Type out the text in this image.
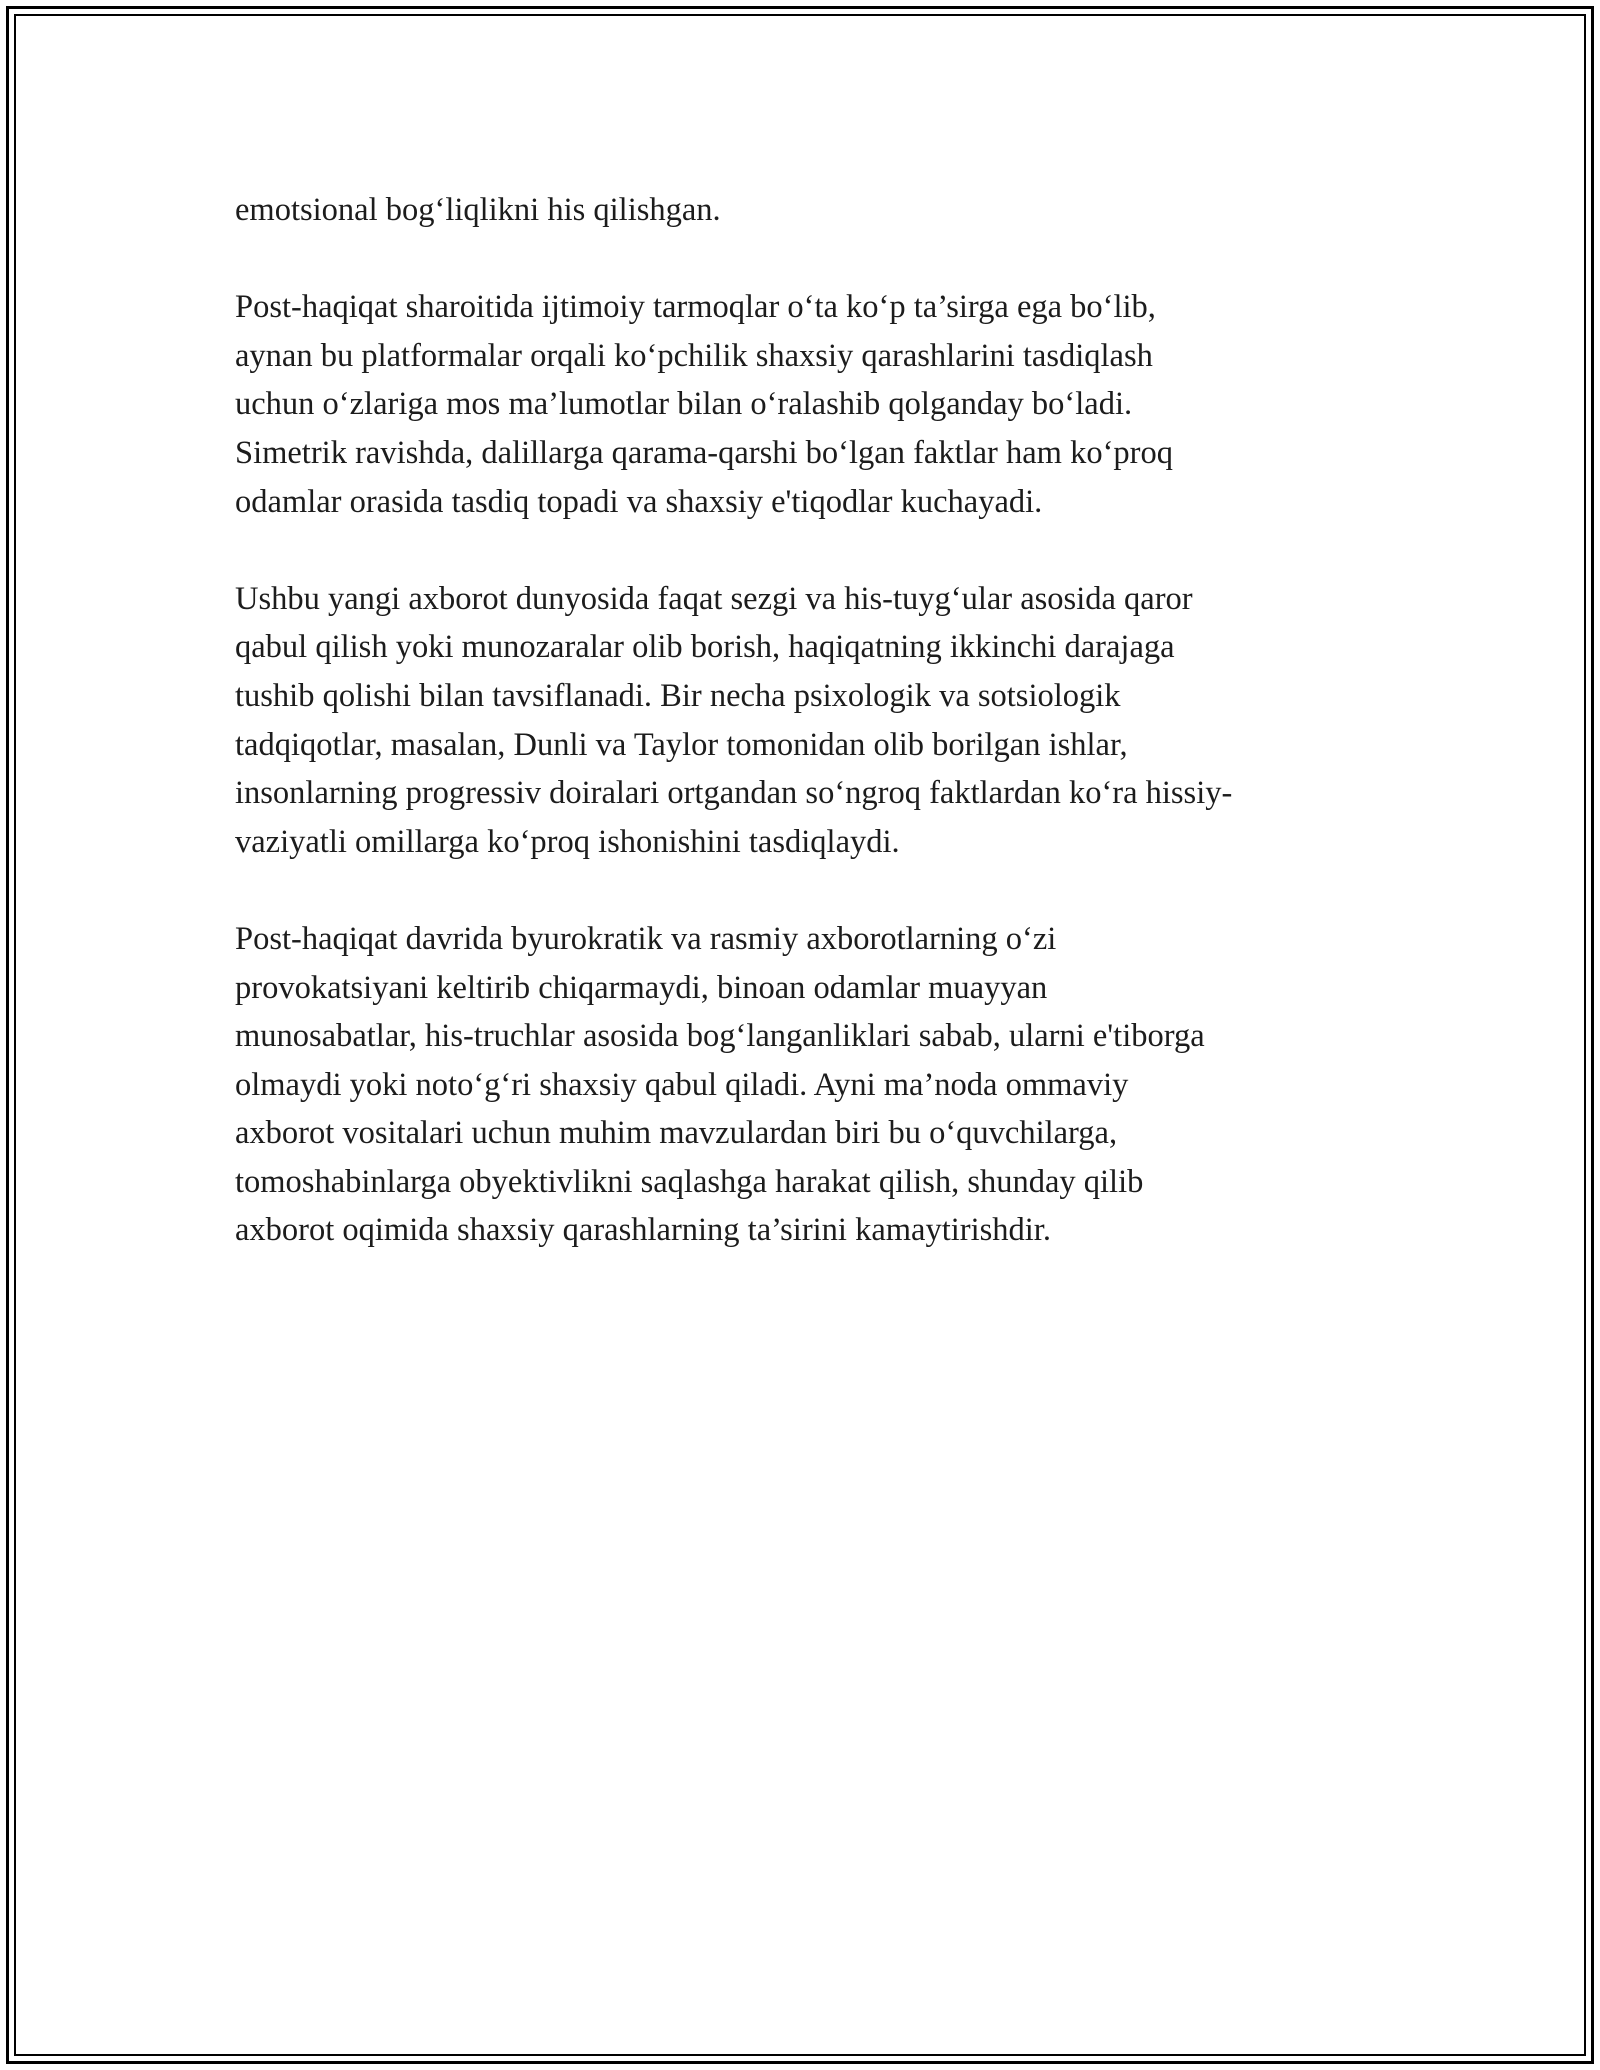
emotsional bog‘liqlikni his qilishgan.

Post-haqiqat sharoitida ijtimoiy tarmoqlar o‘ta ko‘p ta’sirga ega bo‘lib,
aynan bu platformalar orqali ko‘pchilik shaxsiy qarashlarini tasdiqlash
uchun o‘zlariga mos ma’lumotlar bilan o‘ralashib qolganday bo‘ladi.
Simetrik ravishda, dalillarga qarama-qarshi bo‘lgan faktlar ham ko‘proq
odamlar orasida tasdiq topadi va shaxsiy e'tiqodlar kuchayadi.

Ushbu yangi axborot dunyosida faqat sezgi va his-tuyg‘ular asosida qaror
qabul qilish yoki munozaralar olib borish, haqiqatning ikkinchi darajaga
tushib qolishi bilan tavsiflanadi. Bir necha psixologik va sotsiologik
tadqiqotlar, masalan, Dunli va Taylor tomonidan olib borilgan ishlar,
insonlarning progressiv doiralari ortgandan so‘ngroq faktlardan ko‘ra hissiy-
vaziyatli omillarga ko‘proq ishonishini tasdiqlaydi.

Post-haqiqat davrida byurokratik va rasmiy axborotlarning o‘zi
provokatsiyani keltirib chiqarmaydi, binoan odamlar muayyan
munosabatlar, his-truchlar asosida bog‘langanliklari sabab, ularni e'tiborga
olmaydi yoki noto‘g‘ri shaxsiy qabul qiladi. Ayni ma’noda ommaviy
axborot vositalari uchun muhim mavzulardan biri bu o‘quvchilarga,
tomoshabinlarga obyektivlikni saqlashga harakat qilish, shunday qilib
axborot oqimida shaxsiy qarashlarning ta’sirini kamaytirishdir.
